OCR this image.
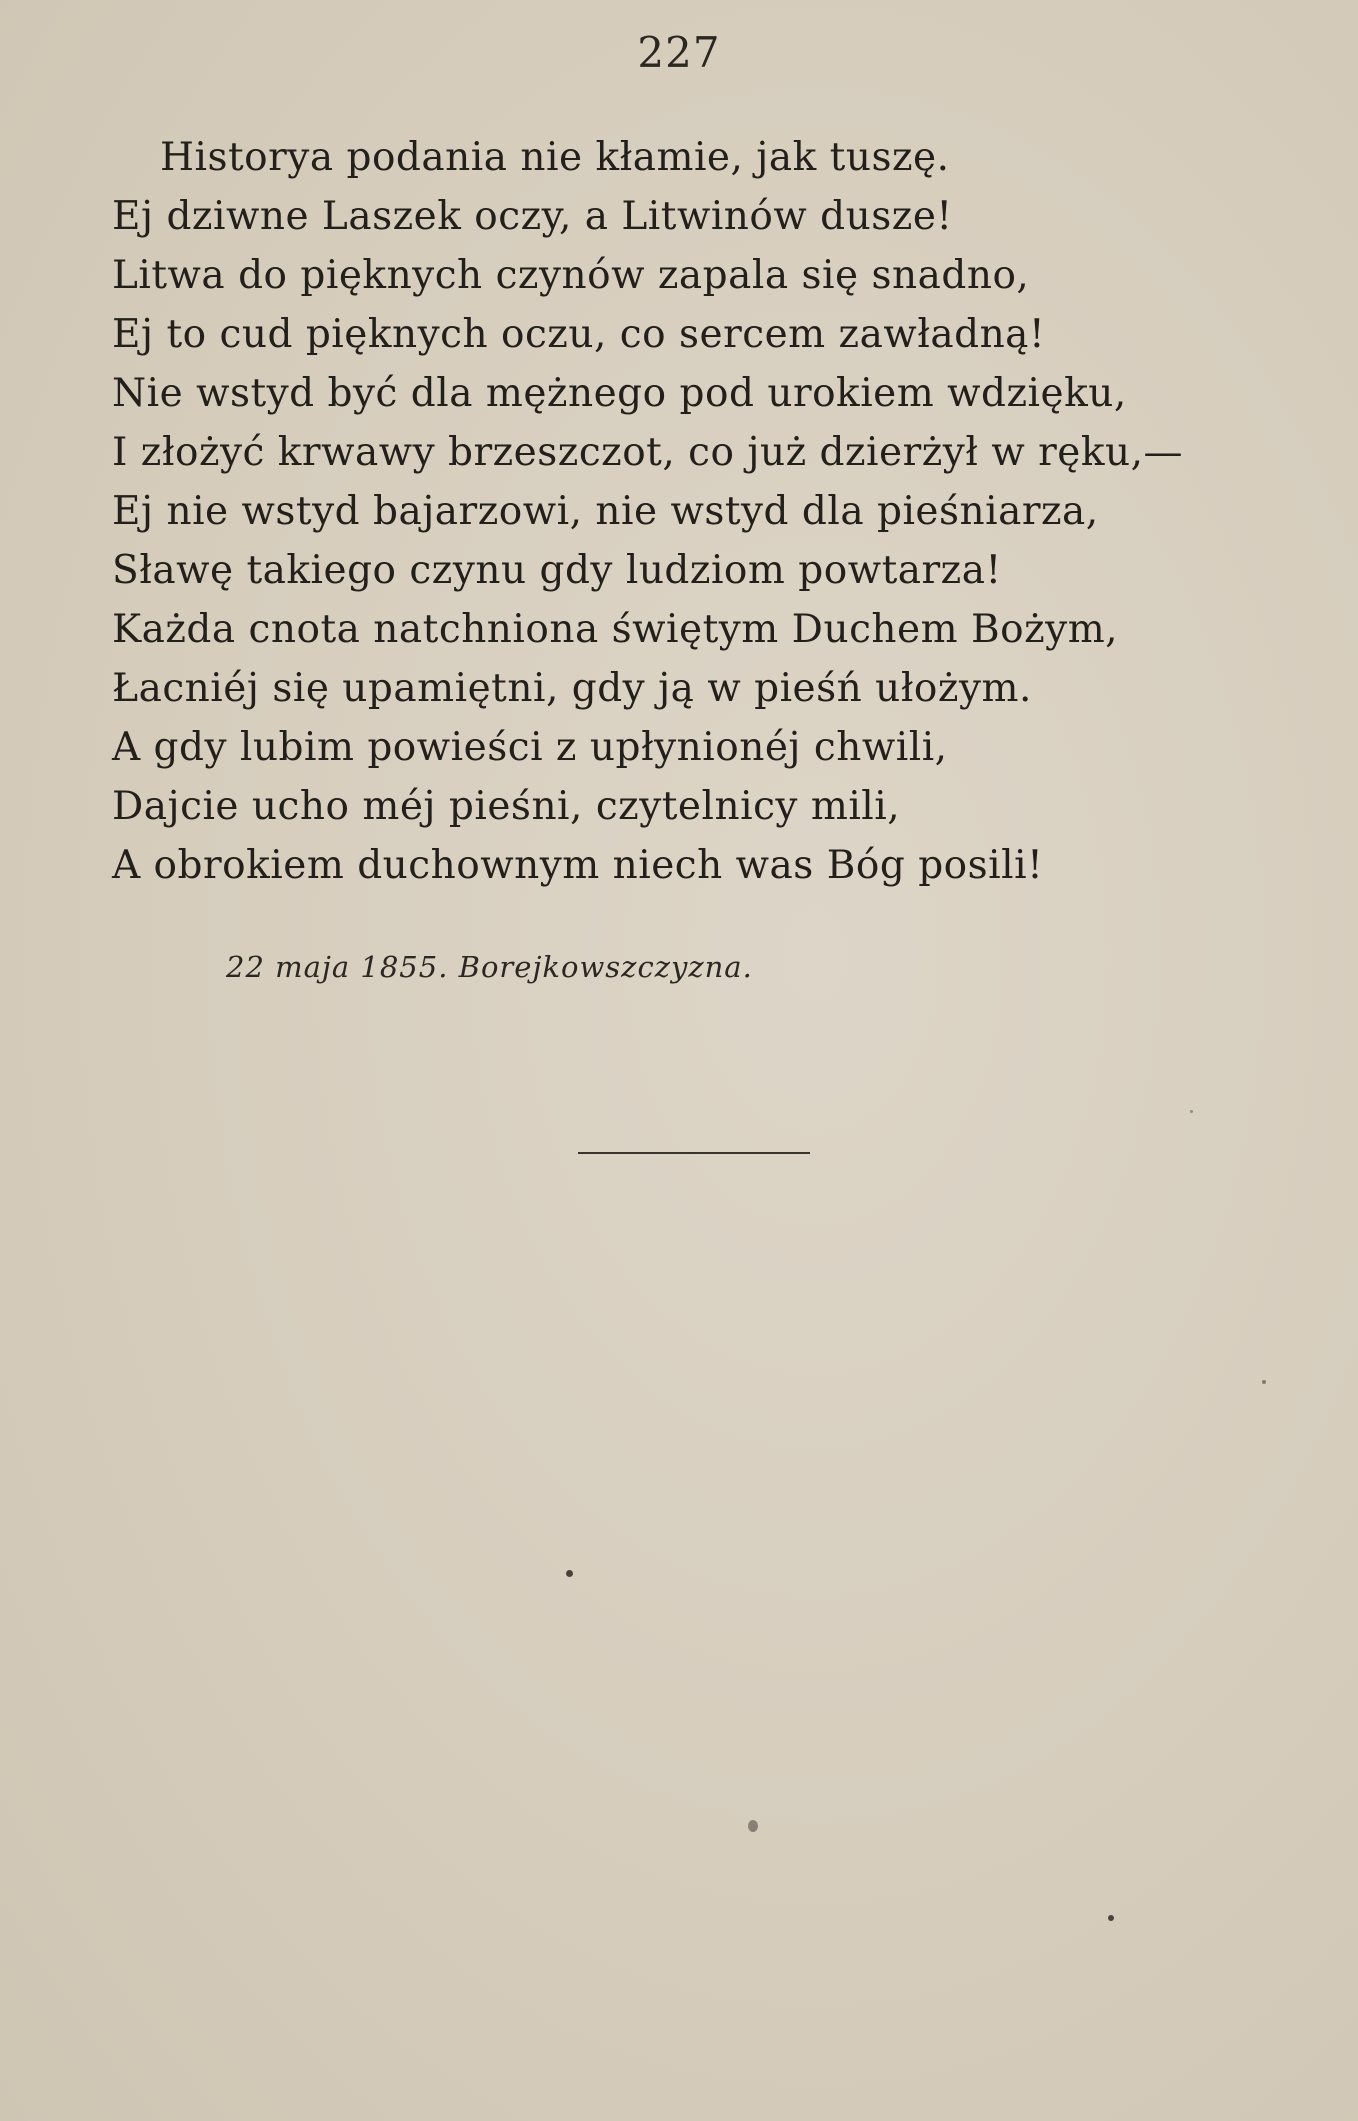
227
Historya podania nie kłamie, jak tuszę.
Ej dziwne Laszek oczy, a Litwinów dusze!
Litwa do pięknych czynów zapala się snadno,
Ej to cud pięknych oczu, co sercem zawładną!
Nie wstyd być dla mężnego pod urokiem wdzięku,
I złożyć krwawy brzeszczot, co już dzierżył w ręku,—
Ej nie wstyd bajarzowi, nie wstyd dla pieśniarza,
Sławę takiego czynu gdy ludziom powtarza!
Każda cnota natchniona świętym Duchem Bożym,
Łacniéj się upamiętni, gdy ją w pieśń ułożym.
A gdy lubim powieści z upłynionéj chwili,
Dajcie ucho méj pieśni, czytelnicy mili,
A obrokiem duchownym niech was Bóg posili!
22 maja 1855. Borejkowszczyzna.
